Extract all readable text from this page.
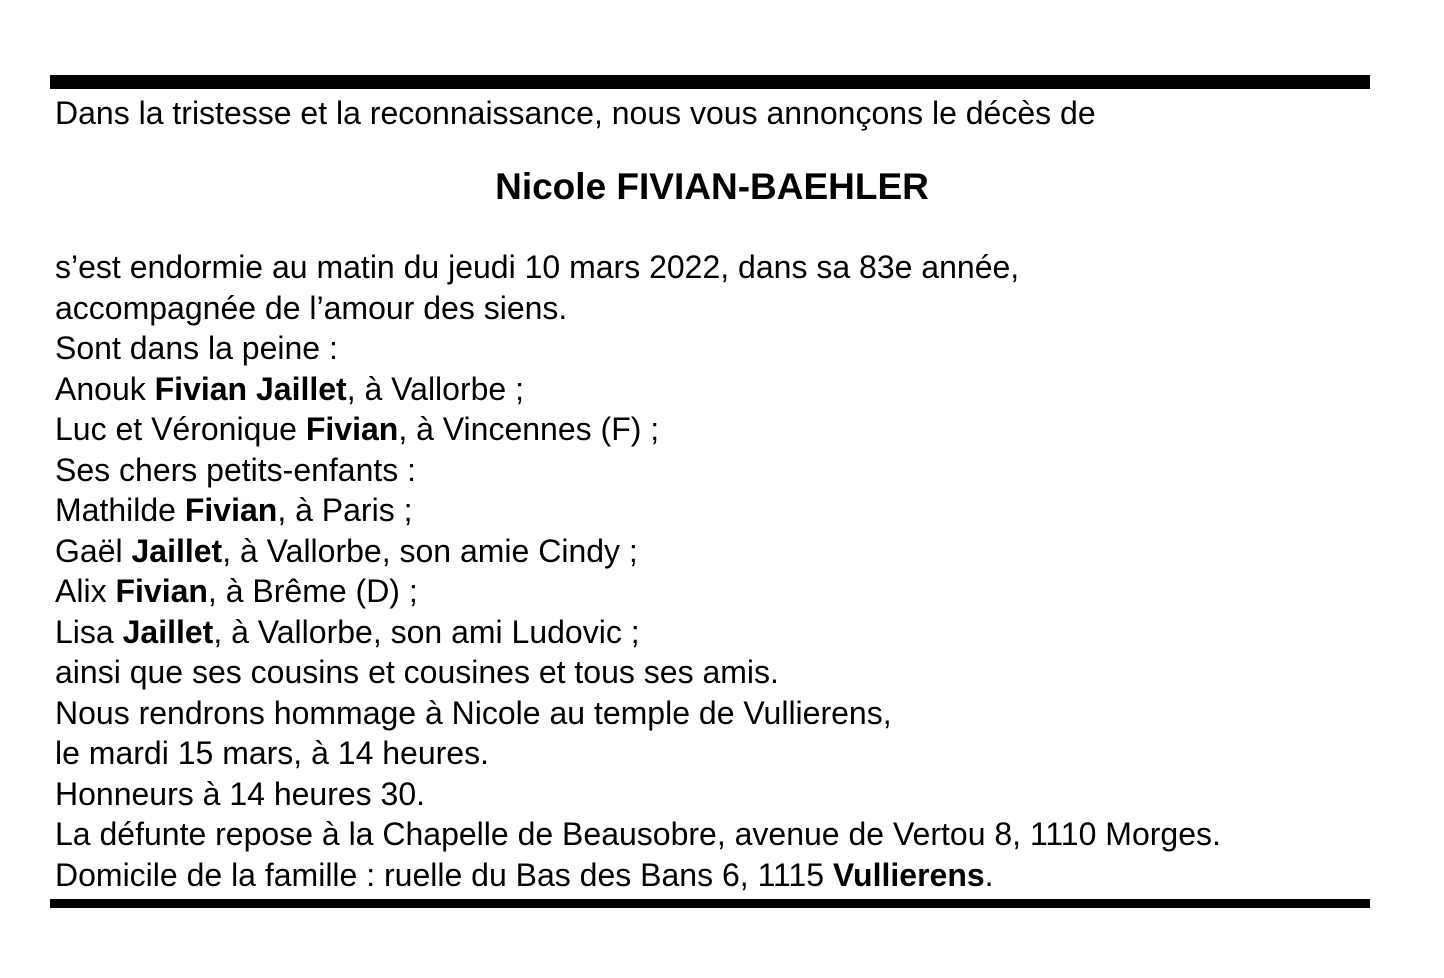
Dans la tristesse et la reconnaissance, nous vous annonçons le décès de
Nicole FIVIAN-BAEHLER
s’est endormie au matin du jeudi 10 mars 2022, dans sa 83e année,
accompagnée de l’amour des siens.
Sont dans la peine :
Anouk Fivian Jaillet, à Vallorbe ;
Luc et Véronique Fivian, à Vincennes (F) ;
Ses chers petits-enfants :
Mathilde Fivian, à Paris ;
Gaël Jaillet, à Vallorbe, son amie Cindy ;
Alix Fivian, à Brême (D) ;
Lisa Jaillet, à Vallorbe, son ami Ludovic ;
ainsi que ses cousins et cousines et tous ses amis.
Nous rendrons hommage à Nicole au temple de Vullierens,
le mardi 15 mars, à 14 heures.
Honneurs à 14 heures 30.
La défunte repose à la Chapelle de Beausobre, avenue de Vertou 8, 1110 Morges.
Domicile de la famille : ruelle du Bas des Bans 6, 1115 Vullierens.
